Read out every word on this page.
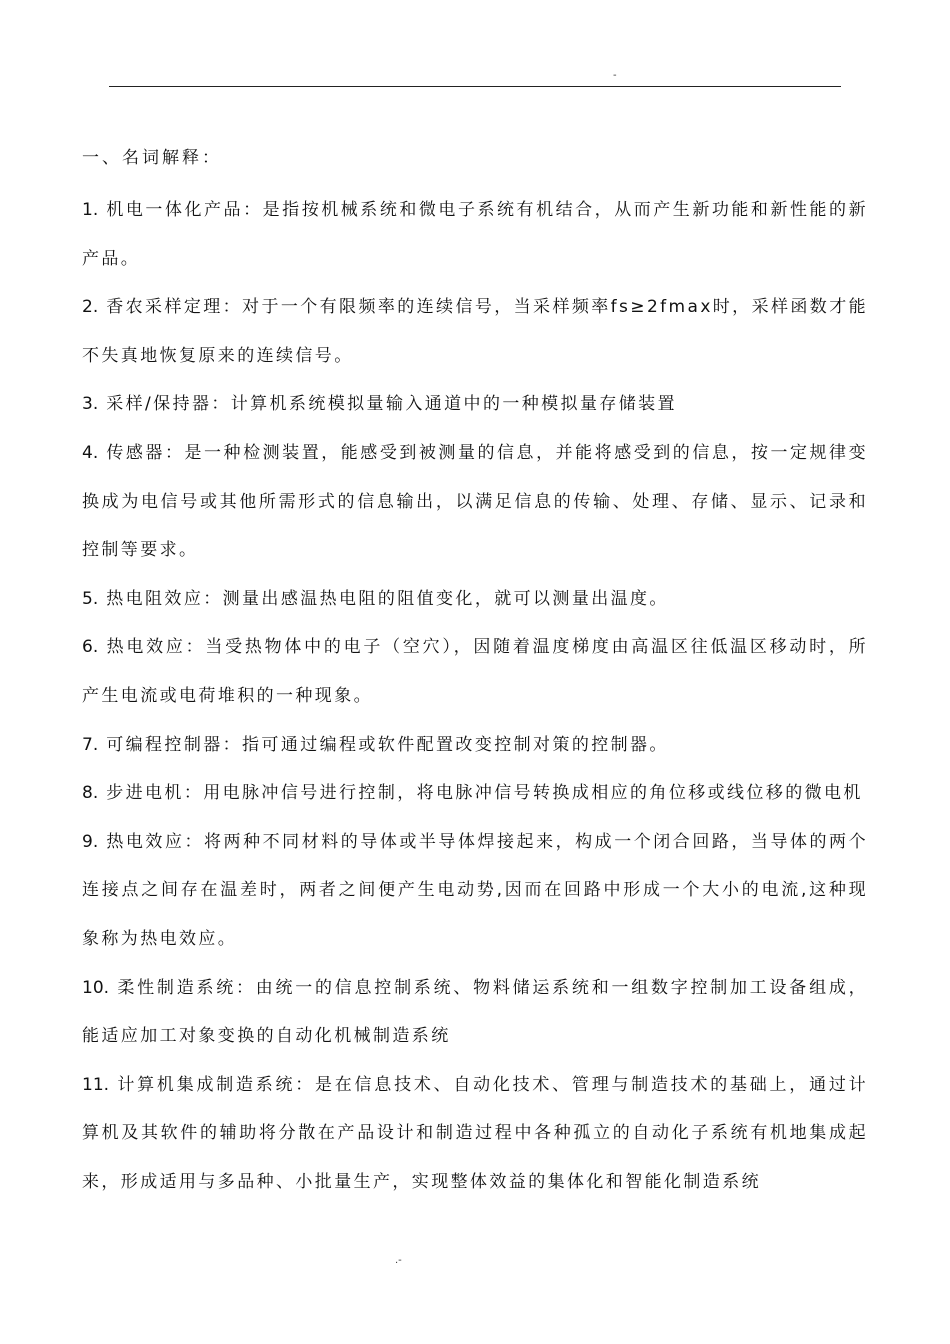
-
一、名词解释：

1. 机电一体化产品：是指按机械系统和微电子系统有机结合，从而产生新功能和新性能的新产品。

2. 香农采样定理：对于一个有限频率的连续信号，当采样频率fs≥2fmax时，采样函数才能不失真地恢复原来的连续信号。

3. 采样/保持器：计算机系统模拟量输入通道中的一种模拟量存储装置

4. 传感器：是一种检测装置，能感受到被测量的信息，并能将感受到的信息，按一定规律变换成为电信号或其他所需形式的信息输出，以满足信息的传输、处理、存储、显示、记录和控制等要求。

5. 热电阻效应：测量出感温热电阻的阻值变化，就可以测量出温度。

6. 热电效应：当受热物体中的电子（空穴），因随着温度梯度由高温区往低温区移动时，所产生电流或电荷堆积的一种现象。

7. 可编程控制器：指可通过编程或软件配置改变控制对策的控制器。

8. 步进电机：用电脉冲信号进行控制，将电脉冲信号转换成相应的角位移或线位移的微电机

9. 热电效应：将两种不同材料的导体或半导体焊接起来，构成一个闭合回路，当导体的两个连接点之间存在温差时，两者之间便产生电动势,因而在回路中形成一个大小的电流,这种现象称为热电效应。

10. 柔性制造系统：由统一的信息控制系统、物料储运系统和一组数字控制加工设备组成，能适应加工对象变换的自动化机械制造系统

11. 计算机集成制造系统：是在信息技术、自动化技术、管理与制造技术的基础上，通过计算机及其软件的辅助将分散在产品设计和制造过程中各种孤立的自动化子系统有机地集成起来，形成适用与多品种、小批量生产，实现整体效益的集体化和智能化制造系统

.-
